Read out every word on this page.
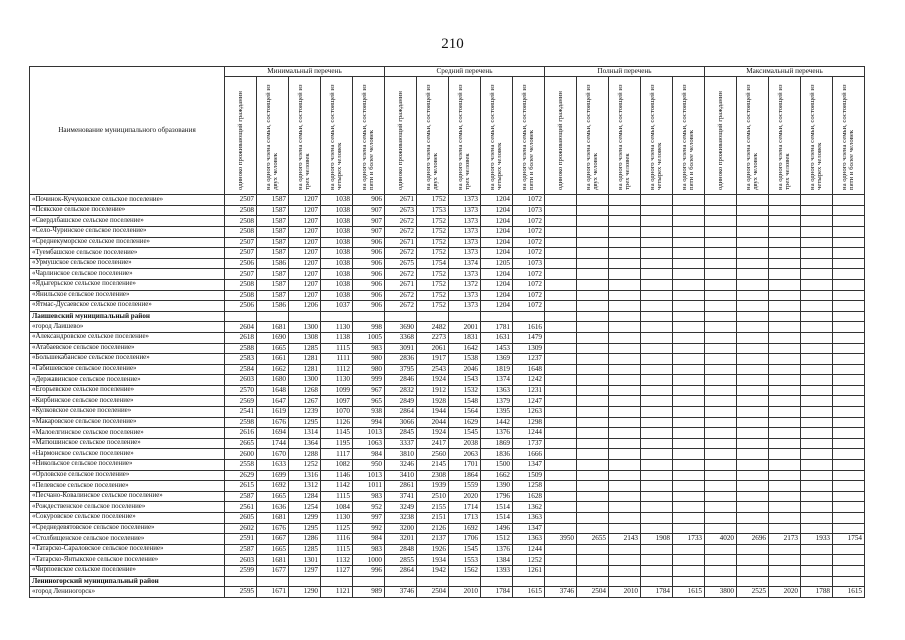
210
Наименование муниципального образования	Минимальный перечень					Средний перечень					Полный перечень					Максимальный перечень				
	одиноко проживающий гражданин	на одного члена семьи, состоящей из двух человек	на одного члена семьи, состоящей из трех человек	на одного члена семьи, состоящей из четырех человек	на одного члена семьи, состоящей из пяти и более человек	одиноко проживающий гражданин	на одного члена семьи, состоящей из двух человек	на одного члена семьи, состоящей из трех человек	на одного члена семьи, состоящей из четырех человек	на одного члена семьи, состоящей из пяти и более человек	одиноко проживающий гражданин	на одного члена семьи, состоящей из двух человек	на одного члена семьи, состоящей из трех человек	на одного члена семьи, состоящей из четырех человек	на одного члена семьи, состоящей из пяти и более человек	одиноко проживающий гражданин	на одного члена семьи, состоящей из двух человек	на одного члена семьи, состоящей из трех человек	на одного члена семьи, состоящей из четырех человек	на одного члена семьи, состоящей из пяти и более человек
«Починок-Кучуковское сельское поселение»	2507	1587	1207	1038	906	2671	1752	1373	1204	1072										
«Псякское сельское поселение»	2508	1587	1207	1038	907	2673	1753	1373	1204	1073										
«Свердлбашское сельское поселение»	2508	1587	1207	1038	907	2672	1752	1373	1204	1072										
«Село-Чуринское сельское поселение»	2508	1587	1207	1038	907	2672	1752	1373	1204	1072										
«Среднекуморское сельское поселение»	2507	1587	1207	1038	906	2671	1752	1373	1204	1072										
«Туембашское сельское поселение»	2507	1587	1207	1038	906	2672	1752	1373	1204	1072										
«Урмушское сельское поселение»	2506	1586	1207	1038	906	2675	1754	1374	1205	1073										
«Чарлинское сельское поселение»	2507	1587	1207	1038	906	2672	1752	1373	1204	1072										
«Ядыгерьское сельское поселение»	2508	1587	1207	1038	906	2671	1752	1372	1204	1072										
«Янильское сельское поселение»	2508	1587	1207	1038	906	2672	1752	1373	1204	1072										
«Ятмас-Дусаевское сельское поселение»	2506	1586	1206	1037	906	2672	1752	1373	1204	1072										
Лаишевский муниципальный район																				
«город Лаишево»	2604	1681	1300	1130	998	3690	2482	2001	1781	1616										
«Александровское сельское поселение»	2618	1690	1308	1138	1005	3368	2273	1831	1631	1479										
«Атабаевское сельское поселение»	2588	1665	1285	1115	983	3091	2061	1642	1453	1309										
«Большекабанское сельское поселение»	2583	1661	1281	1111	980	2836	1917	1538	1369	1237										
«Габишевское сельское поселение»	2584	1662	1281	1112	980	3795	2543	2046	1819	1648										
«Державинское сельское поселение»	2603	1680	1300	1130	999	2846	1924	1543	1374	1242										
«Егорьевское сельское поселение»	2570	1648	1268	1099	967	2832	1912	1532	1363	1231										
«Кирбинское сельское поселение»	2569	1647	1267	1097	965	2849	1928	1548	1379	1247										
«Кулковское сельское поселение»	2541	1619	1239	1070	938	2864	1944	1564	1395	1263										
«Макаровское сельское поселение»	2598	1676	1295	1126	994	3066	2044	1629	1442	1298										
«Малоелгинское сельское поселение»	2616	1694	1314	1145	1013	2845	1924	1545	1376	1244										
«Матюшинское сельское поселение»	2665	1744	1364	1195	1063	3337	2417	2038	1869	1737										
«Нармонское сельское поселение»	2600	1670	1288	1117	984	3810	2560	2063	1836	1666										
«Никольское сельское поселение»	2558	1633	1252	1082	950	3246	2145	1701	1500	1347										
«Орловское сельское поселение»	2629	1699	1316	1146	1013	3410	2308	1864	1662	1509										
«Пелевское сельское поселение»	2615	1692	1312	1142	1011	2861	1939	1559	1390	1258										
«Песчано-Ковалинское сельское поселение»	2587	1665	1284	1115	983	3741	2510	2020	1796	1628										
«Рождественское сельское поселение»	2561	1636	1254	1084	952	3249	2155	1714	1514	1362										
«Сокуровское сельское поселение»	2605	1681	1299	1130	997	3238	2151	1713	1514	1363										
«Среднедевятовское сельское поселение»	2602	1676	1295	1125	992	3200	2126	1692	1496	1347										
«Столбищенское сельское поселение»	2591	1667	1286	1116	984	3201	2137	1706	1512	1363	3950	2655	2143	1908	1733	4020	2696	2173	1933	1754
«Татарско-Сараловское сельское поселение»	2587	1665	1285	1115	983	2848	1926	1545	1376	1244										
«Татарско-Янтыкское сельское поселение»	2603	1681	1301	1132	1000	2855	1934	1553	1384	1252										
«Чирпоевское сельское поселение»	2599	1677	1297	1127	996	2864	1942	1562	1393	1261										
Лениногорский муниципальный район																				
«город Лениногорск»	2595	1671	1290	1121	989	3746	2504	2010	1784	1615	3746	2504	2010	1784	1615	3800	2525	2020	1788	1615
